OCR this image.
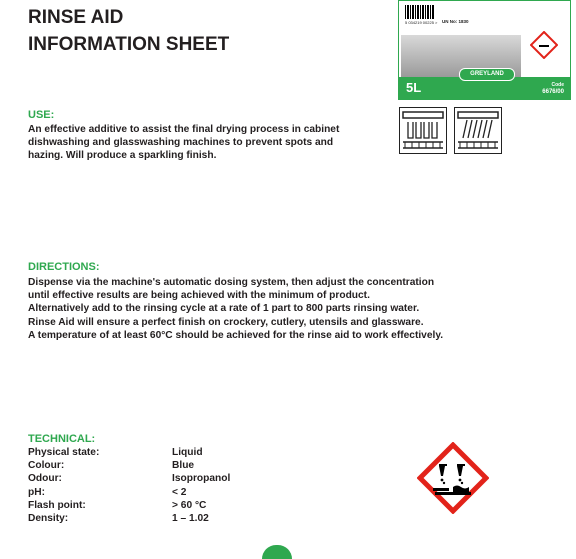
RINSE AID
INFORMATION SHEET
5 034219 00225 > UN No: 1830
GREYLAND
5L	Code
6676/00
USE:
An effective additive to assist the final drying process in cabinet
dishwashing and glasswashing machines to prevent spots and
hazing. Will produce a sparkling finish.
DIRECTIONS:
Dispense via the machine's automatic dosing system, then adjust the concentration
until effective results are being achieved with the minimum of product.
Alternatively add to the rinsing cycle at a rate of 1 part to 800 parts rinsing water.
Rinse Aid will ensure a perfect finish on crockery, cutlery, utensils and glassware.
A temperature of at least 60°C should be achieved for the rinse aid to work effectively.
TECHNICAL:
Physical state:	Liquid
Colour:	Blue
Odour:	Isopropanol
pH:	< 2
Flash point:	> 60 °C
Density:	1 – 1.02
